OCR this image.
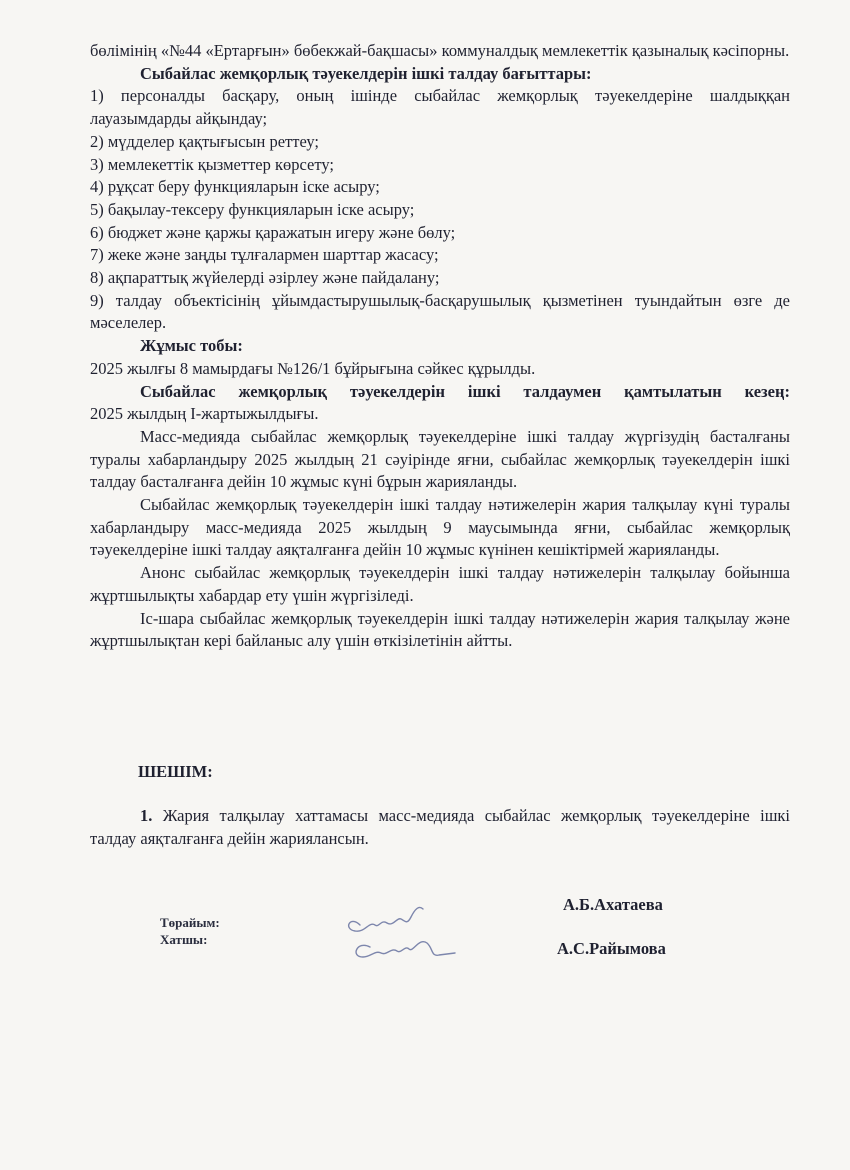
бөлімінің «№44 «Ертарғын» бөбекжай-бақшасы» коммуналдық мемлекеттік қазыналық кәсіпорны.

Сыбайлас жемқорлық тәуекелдерін ішкі талдау бағыттары:

1) персоналды басқару, оның ішінде сыбайлас жемқорлық тәуекелдеріне шалдыққан лауазымдарды айқындау;

2) мүдделер қақтығысын реттеу;

3) мемлекеттік қызметтер көрсету;

4) рұқсат беру функцияларын іске асыру;

5) бақылау-тексеру функцияларын іске асыру;

6) бюджет және қаржы қаражатын игеру және бөлу;

7) жеке және заңды тұлғалармен шарттар жасасу;

8) ақпараттық жүйелерді әзірлеу және пайдалану;

9) талдау объектісінің ұйымдастырушылық-басқарушылық қызметінен туындайтын өзге де мәселелер.

Жұмыс тобы:

2025 жылғы 8 мамырдағы №126/1 бұйрығына сәйкес құрылды.

Сыбайлас жемқорлық тәуекелдерін ішкі талдаумен қамтылатын кезең:

2025 жылдың І-жартыжылдығы.

Масс-медияда сыбайлас жемқорлық тәуекелдеріне ішкі талдау жүргізудің басталғаны туралы хабарландыру 2025 жылдың 21 сәуірінде яғни, сыбайлас жемқорлық тәуекелдерін ішкі талдау басталғанға дейін 10 жұмыс күні бұрын жарияланды.

Сыбайлас жемқорлық тәуекелдерін ішкі талдау нәтижелерін жария талқылау күні туралы хабарландыру масс-медияда 2025 жылдың 9 маусымында яғни, сыбайлас жемқорлық тәуекелдеріне ішкі талдау аяқталғанға дейін 10 жұмыс күнінен кешіктірмей жарияланды.

Анонс сыбайлас жемқорлық тәуекелдерін ішкі талдау нәтижелерін талқылау бойынша жұртшылықты хабардар ету үшін жүргізіледі.

Іс-шара сыбайлас жемқорлық тәуекелдерін ішкі талдау нәтижелерін жария талқылау және жұртшылықтан кері байланыс алу үшін өткізілетінін айтты.

ШЕШІМ:

1. Жария талқылау хаттамасы масс-медияда сыбайлас жемқорлық тәуекелдеріне ішкі талдау аяқталғанға дейін жариялансын.

Төрайым:
Хатшы:
А.Б.Ахатаева
А.С.Райымова
